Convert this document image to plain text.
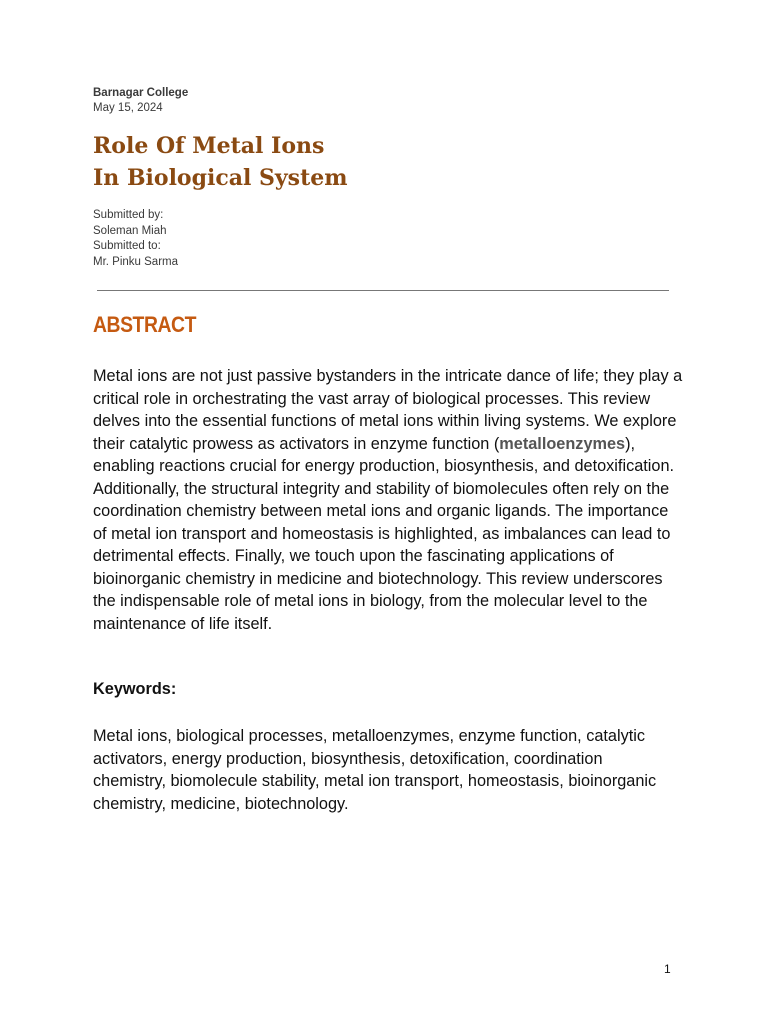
Barnagar College

May 15, 2024

Role Of Metal Ions
In Biological System
Submitted by:
Soleman Miah
Submitted to:
Mr. Pinku Sarma
ABSTRACT

Metal ions are not just passive bystanders in the intricate dance of life; they play a critical role in orchestrating the vast array of biological processes. This review delves into the essential functions of metal ions within living systems. We explore their catalytic prowess as activators in enzyme function (metalloenzymes), enabling reactions crucial for energy production, biosynthesis, and detoxification. Additionally, the structural integrity and stability of biomolecules often rely on the coordination chemistry between metal ions and organic ligands. The importance of metal ion transport and homeostasis is highlighted, as imbalances can lead to detrimental effects. Finally, we touch upon the fascinating applications of bioinorganic chemistry in medicine and biotechnology. This review underscores the indispensable role of metal ions in biology, from the molecular level to the maintenance of life itself.

Keywords:

Metal ions, biological processes, metalloenzymes, enzyme function, catalytic activators, energy production, biosynthesis, detoxification, coordination chemistry, biomolecule stability, metal ion transport, homeostasis, bioinorganic chemistry, medicine, biotechnology.

1
